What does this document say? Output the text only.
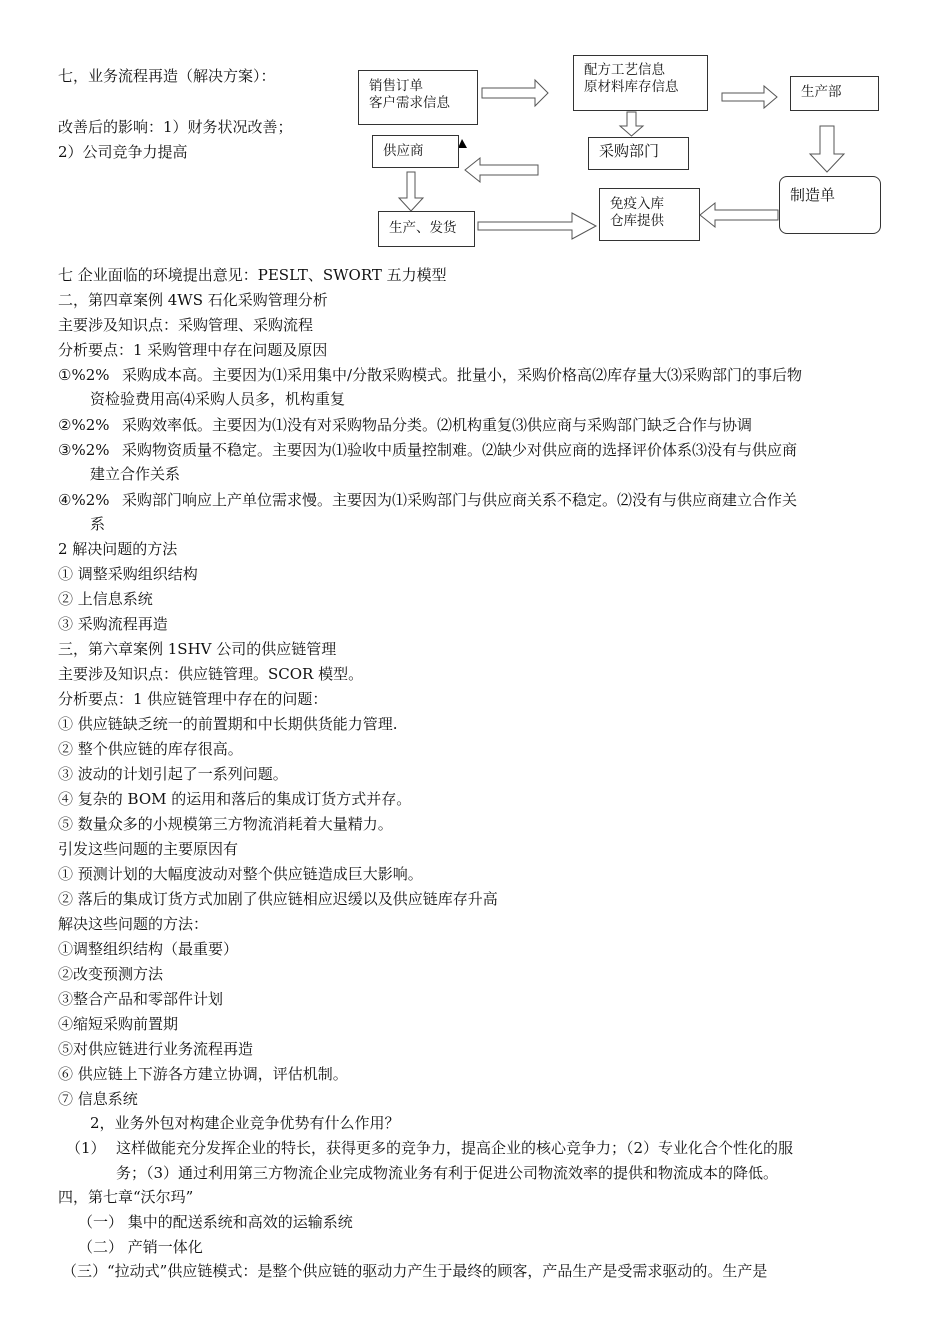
七，业务流程再造（解决方案）：
改善后的影响：1）财务状况改善；
2）公司竞争力提高
销售订单
客户需求信息
配方工艺信息
原材料库存信息	生产部
采购部门
供应商
制造单
生产、发货
免疫入库
仓库提供
七 企业面临的环境提出意见：PESLT、SWORT 五力模型
二，第四章案例 4WS 石化采购管理分析
主要涉及知识点：采购管理、采购流程
分析要点：1 采购管理中存在问题及原因
①%2% 采购成本高。主要因为⑴采用集中/分散采购模式。批量小，采购价格高⑵库存量大⑶采购部门的事后物
资检验费用高⑷采购人员多，机构重复
②%2% 采购效率低。主要因为⑴没有对采购物品分类。⑵机构重复⑶供应商与采购部门缺乏合作与协调
③%2% 采购物资质量不稳定。主要因为⑴验收中质量控制难。⑵缺少对供应商的选择评价体系⑶没有与供应商
建立合作关系
④%2% 采购部门响应上产单位需求慢。主要因为⑴采购部门与供应商关系不稳定。⑵没有与供应商建立合作关
系
2 解决问题的方法
① 调整采购组织结构
② 上信息系统
③ 采购流程再造
三，第六章案例 1SHV 公司的供应链管理
主要涉及知识点：供应链管理。SCOR 模型。
分析要点：1 供应链管理中存在的问题：
① 供应链缺乏统一的前置期和中长期供货能力管理.
② 整个供应链的库存很高。
③ 波动的计划引起了一系列问题。
④ 复杂的 BOM 的运用和落后的集成订货方式并存。
⑤ 数量众多的小规模第三方物流消耗着大量精力。
引发这些问题的主要原因有
① 预测计划的大幅度波动对整个供应链造成巨大影响。
② 落后的集成订货方式加剧了供应链相应迟缓以及供应链库存升高
解决这些问题的方法：
①调整组织结构（最重要）
②改变预测方法
③整合产品和零部件计划
④缩短采购前置期
⑤对供应链进行业务流程再造
⑥ 供应链上下游各方建立协调，评估机制。
⑦ 信息系统
2，业务外包对构建企业竞争优势有什么作用？
（1） 这样做能充分发挥企业的特长，获得更多的竞争力，提高企业的核心竞争力；（2）专业化合个性化的服
务；（3）通过利用第三方物流企业完成物流业务有利于促进公司物流效率的提供和物流成本的降低。
四，第七章“沃尔玛”
（一） 集中的配送系统和高效的运输系统
（二） 产销一体化
（三）“拉动式”供应链模式：是整个供应链的驱动力产生于最终的顾客，产品生产是受需求驱动的。生产是
